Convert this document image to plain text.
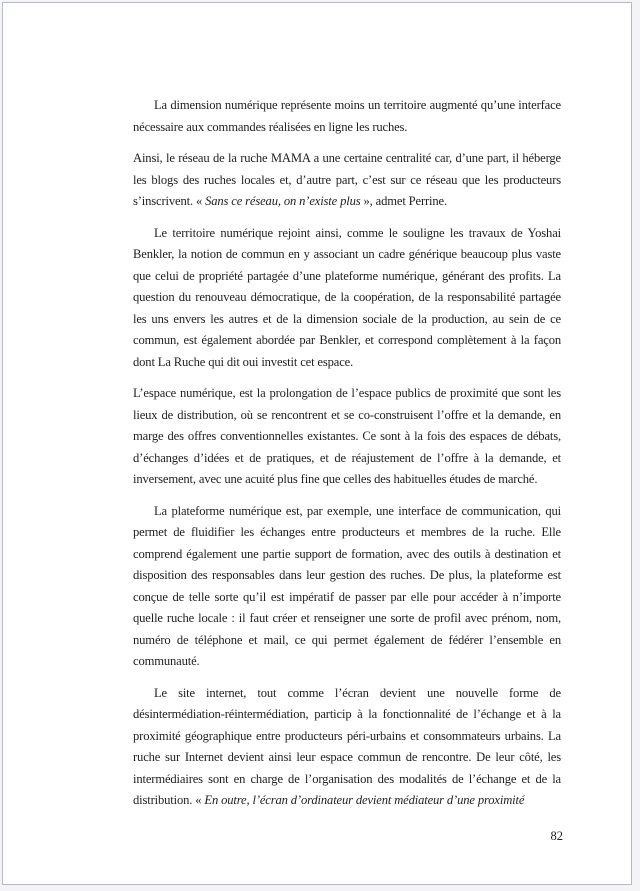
La dimension numérique représente moins un territoire augmenté qu’une interface nécessaire aux commandes réalisées en ligne les ruches.

Ainsi, le réseau de la ruche MAMA a une certaine centralité car, d’une part, il héberge les blogs des ruches locales et, d’autre part, c’est sur ce réseau que les producteurs s’inscrivent. « Sans ce réseau, on n’existe plus », admet Perrine.

Le territoire numérique rejoint ainsi, comme le souligne les travaux de Yoshai Benkler, la notion de commun en y associant un cadre générique beaucoup plus vaste que celui de propriété partagée d’une plateforme numérique, générant des profits. La question du renouveau démocratique, de la coopération, de la responsabilité partagée les uns envers les autres et de la dimension sociale de la production, au sein de ce commun, est également abordée par Benkler, et correspond complètement à la façon dont La Ruche qui dit oui investit cet espace.

L’espace numérique, est la prolongation de l’espace publics de proximité que sont les lieux de distribution, où se rencontrent et se co-construisent l’offre et la demande, en marge des offres conventionnelles existantes. Ce sont à la fois des espaces de débats, d’échanges d’idées et de pratiques, et de réajustement de l’offre à la demande, et inversement, avec une acuité plus fine que celles des habituelles études de marché.

La plateforme numérique est, par exemple, une interface de communication, qui permet de fluidifier les échanges entre producteurs et membres de la ruche. Elle comprend également une partie support de formation, avec des outils à destination et disposition des responsables dans leur gestion des ruches. De plus, la plateforme est conçue de telle sorte qu’il est impératif de passer par elle pour accéder à n’importe quelle ruche locale : il faut créer et renseigner une sorte de profil avec prénom, nom, numéro de téléphone et mail, ce qui permet également de fédérer l’ensemble en communauté.

Le site internet, tout comme l’écran devient une nouvelle forme de désintermédiation-réintermédiation, particip à la fonctionnalité de l’échange et à la proximité géographique entre producteurs péri-urbains et consommateurs urbains. La ruche sur Internet devient ainsi leur espace commun de rencontre. De leur côté, les intermédiaires sont en charge de l’organisation des modalités de l’échange et de la distribution. « En outre, l’écran d’ordinateur devient médiateur d’une proximité

82
